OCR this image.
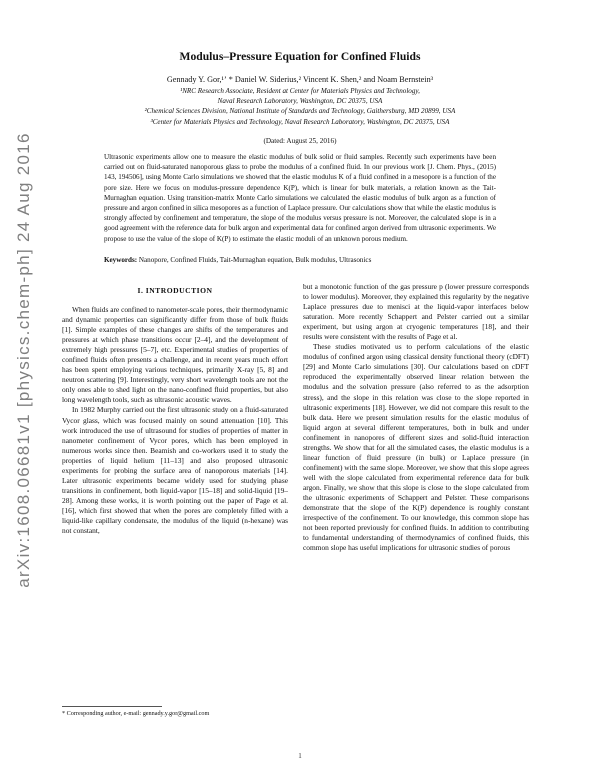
arXiv:1608.06681v1 [physics.chem-ph] 24 Aug 2016
Modulus–Pressure Equation for Confined Fluids
Gennady Y. Gor,¹ʼ * Daniel W. Siderius,² Vincent K. Shen,² and Noam Bernstein³
¹NRC Research Associate, Resident at Center for Materials Physics and Technology,
Naval Research Laboratory, Washington, DC 20375, USA
²Chemical Sciences Division, National Institute of Standards and Technology, Gaithersburg, MD 20899, USA
³Center for Materials Physics and Technology, Naval Research Laboratory, Washington, DC 20375, USA
(Dated: August 25, 2016)

Ultrasonic experiments allow one to measure the elastic modulus of bulk solid or fluid samples. Recently such experiments have been carried out on fluid-saturated nanoporous glass to probe the modulus of a confined fluid. In our previous work [J. Chem. Phys., (2015) 143, 194506], using Monte Carlo simulations we showed that the elastic modulus K of a fluid confined in a mesopore is a function of the pore size. Here we focus on modulus-pressure dependence K(P), which is linear for bulk materials, a relation known as the Tait-Murnaghan equation. Using transition-matrix Monte Carlo simulations we calculated the elastic modulus of bulk argon as a function of pressure and argon confined in silica mesopores as a function of Laplace pressure. Our calculations show that while the elastic modulus is strongly affected by confinement and temperature, the slope of the modulus versus pressure is not. Moreover, the calculated slope is in a good agreement with the reference data for bulk argon and experimental data for confined argon derived from ultrasonic experiments. We propose to use the value of the slope of K(P) to estimate the elastic moduli of an unknown porous medium.

Keywords: Nanopore, Confined Fluids, Tait-Murnaghan equation, Bulk modulus, Ultrasonics

I. INTRODUCTION

When fluids are confined to nanometer-scale pores, their thermodynamic and dynamic properties can significantly differ from those of bulk fluids [1]. Simple examples of these changes are shifts of the temperatures and pressures at which phase transitions occur [2–4], and the development of extremely high pressures [5–7], etc. Experimental studies of properties of confined fluids often presents a challenge, and in recent years much effort has been spent employing various techniques, primarily X-ray [5, 8] and neutron scattering [9]. Interestingly, very short wavelength tools are not the only ones able to shed light on the nano-confined fluid properties, but also long wavelength tools, such as ultrasonic acoustic waves.

In 1982 Murphy carried out the first ultrasonic study on a fluid-saturated Vycor glass, which was focused mainly on sound attenuation [10]. This work introduced the use of ultrasound for studies of properties of matter in nanometer confinement of Vycor pores, which has been employed in numerous works since then. Beamish and co-workers used it to study the properties of liquid helium [11–13] and also proposed ultrasonic experiments for probing the surface area of nanoporous materials [14]. Later ultrasonic experiments became widely used for studying phase transitions in confinement, both liquid-vapor [15–18] and solid-liquid [19–28]. Among these works, it is worth pointing out the paper of Page et al. [16], which first showed that when the pores are completely filled with a liquid-like capillary condensate, the modulus of the liquid (n-hexane) was not constant,

but a monotonic function of the gas pressure p (lower pressure corresponds to lower modulus). Moreover, they explained this regularity by the negative Laplace pressures due to menisci at the liquid-vapor interfaces below saturation. More recently Schappert and Pelster carried out a similar experiment, but using argon at cryogenic temperatures [18], and their results were consistent with the results of Page et al.

These studies motivated us to perform calculations of the elastic modulus of confined argon using classical density functional theory (cDFT) [29] and Monte Carlo simulations [30]. Our calculations based on cDFT reproduced the experimentally observed linear relation between the modulus and the solvation pressure (also referred to as the adsorption stress), and the slope in this relation was close to the slope reported in ultrasonic experiments [18]. However, we did not compare this result to the bulk data. Here we present simulation results for the elastic modulus of liquid argon at several different temperatures, both in bulk and under confinement in nanopores of different sizes and solid-fluid interaction strengths. We show that for all the simulated cases, the elastic modulus is a linear function of fluid pressure (in bulk) or Laplace pressure (in confinement) with the same slope. Moreover, we show that this slope agrees well with the slope calculated from experimental reference data for bulk argon. Finally, we show that this slope is close to the slope calculated from the ultrasonic experiments of Schappert and Pelster. These comparisons demonstrate that the slope of the K(P) dependence is roughly constant irrespective of the confinement. To our knowledge, this common slope has not been reported previously for confined fluids. In addition to contributing to fundamental understanding of thermodynamics of confined fluids, this common slope has useful implications for ultrasonic studies of porous

* Corresponding author, e-mail: gennady.y.gor@gmail.com
1
